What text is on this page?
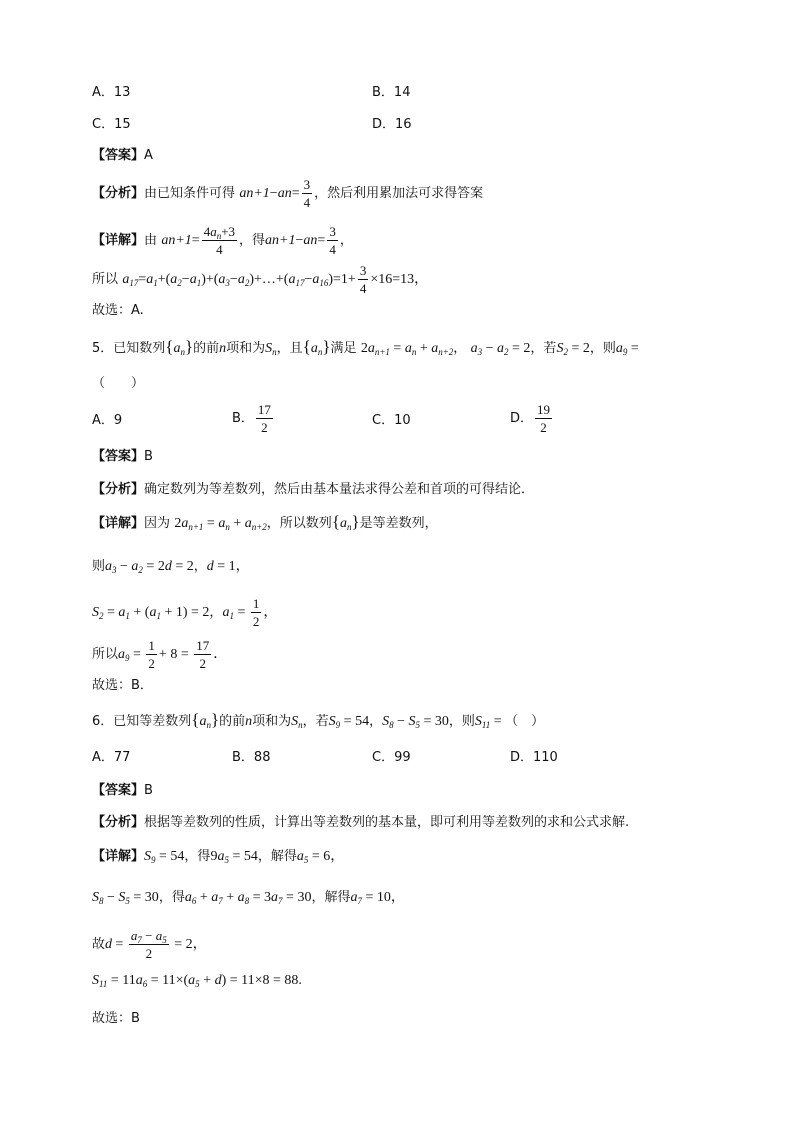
A．13	B．14
C．15	D．16
【答案】A
【分析】由已知条件可得 $an+1-an= \frac{3}{4}$ ，然后利用累加法可求得答案
【详解】由 $an+1= \frac{4a_n+3}{4}$ ，得$an+1-an= \frac{3}{4}$ ，
所以 $a_{17}=a_1+(a_2-a_1)+(a_3-a_2)+\dots+(a_{17}-a_{16})=1+ \frac{3}{4} \times 16=13$，
故选：A.
5．已知数列$\{a_n\}$的前n项和为$S_n$，且$\{a_n\}$满足 $2a_{n+1} = a_n + a_{n+2}$， $a_3 - a_2 = 2$，若$S_2 = 2$，则$a_9$ =
（　　）
A．9	B． $\frac{17}{2}$	C．10	D． $\frac{19}{2}$
【答案】B
【分析】确定数列为等差数列，然后由基本量法求得公差和首项的可得结论．
【详解】因为 $2a_{n+1} = a_n + a_{n+2}$，所以数列$\{a_n\}$是等差数列，
则$a_3 - a_2 = 2d = 2$，d = 1，
$S_2 = a_1 + (a_1 + 1) = 2$，$a_1 = \frac{1}{2}$ ，
所以$a_9 = \frac{1}{2} + 8 = \frac{17}{2}$ ．
故选：B．
6．已知等差数列$\{a_n\}$的前n项和为$S_n$，若$S_9 = 54$，$S_8 - S_5 = 30$，则$S_{11}$ = （　）
A．77	B．88	C．99	D．110
【答案】B
【分析】根据等差数列的性质，计算出等差数列的基本量，即可利用等差数列的求和公式求解.
【详解】$S_9 = 54$，得$9a_5 = 54$，解得$a_5 = 6$，
$S_8 - S_5 = 30$，得$a_6 + a_7 + a_8 = 3a_7 = 30$，解得$a_7 = 10$，
故$d = \frac{a_7 - a_5}{2} = 2$，
$S_{11} = 11a_6 = 11\times(a_5 + d) = 11\times 8 = 88$.
故选：B
